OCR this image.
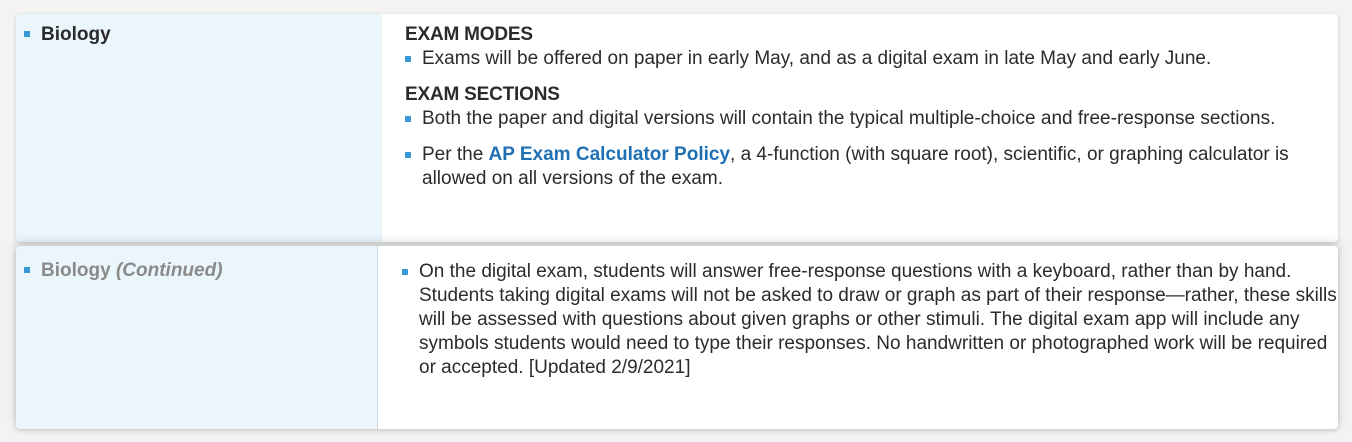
Biology	EXAM MODES
Exams will be offered on paper in early May, and as a digital exam in late May and early June.
EXAM SECTIONS
Both the paper and digital versions will contain the typical multiple-choice and free-response sections.
Per the AP Exam Calculator Policy, a 4-function (with square root), scientific, or graphing calculator is allowed on all versions of the exam.
Biology
(Continued)	On the digital exam, students will answer free-response questions with a keyboard, rather than by hand. Students taking digital exams will not be asked to draw or graph as part of their response—rather, these skills will be assessed with questions about given graphs or other stimuli. The digital exam app will include any symbols students would need to type their responses. No handwritten or photographed work will be required or accepted. [Updated 2/9/2021]
